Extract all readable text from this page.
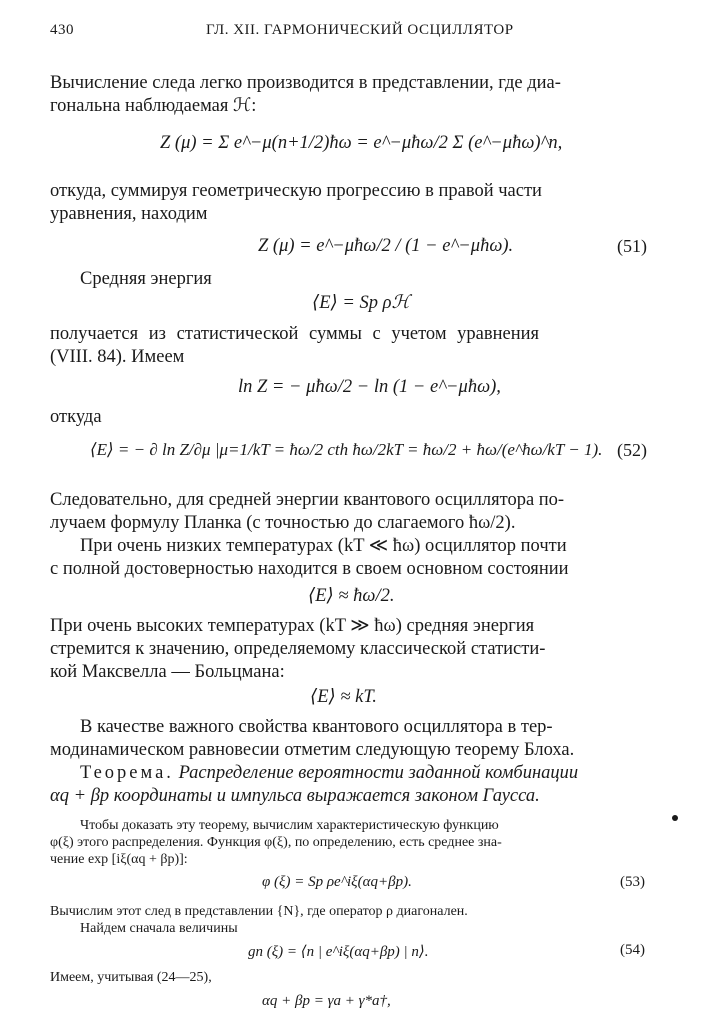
430	ГЛ. XII. ГАРМОНИЧЕСКИЙ ОСЦИЛЛЯТОР
Вычисление следа легко производится в представлении, где диа-
гональна наблюдаемая ℋ:
Z (μ) = Σ e^−μ(n+1/2)ħω = e^−μħω/2 Σ (e^−μħω)^n,
откуда, суммируя геометрическую прогрессию в правой части
уравнения, находим
Z (μ) = e^−μħω/2 / (1 − e^−μħω).	(51)
Средняя энергия
⟨E⟩ = Sp ρℋ
получается из статистической суммы с учетом уравнения
(VIII. 84). Имеем
ln Z = − μħω/2 − ln (1 − e^−μħω),
откуда
⟨E⟩ = − ∂ ln Z/∂μ |μ=1/kT = ħω/2 cth ħω/2kT = ħω/2 + ħω/(e^ħω/kT − 1). (52)
Следовательно, для средней энергии квантового осциллятора по-
лучаем формулу Планка (с точностью до слагаемого ħω/2).
При очень низких температурах (kT ≪ ħω) осциллятор почти
с полной достоверностью находится в своем основном состоянии
⟨E⟩ ≈ ħω/2.
При очень высоких температурах (kT ≫ ħω) средняя энергия
стремится к значению, определяемому классической статисти-
кой Максвелла — Больцмана:
⟨E⟩ ≈ kT.
В качестве важного свойства квантового осциллятора в тер-
модинамическом равновесии отметим следующую теорему Блоха.
Теорема. Распределение вероятности заданной комбинации
αq + βp координаты и импульса выражается законом Гаусса.
Чтобы доказать эту теорему, вычислим характеристическую функцию
φ(ξ) этого распределения. Функция φ(ξ), по определению, есть среднее зна-
чение exp [iξ(αq + βp)]:
φ (ξ) = Sp ρe^iξ(αq+βp).	(53)
Вычислим этот след в представлении {N}, где оператор ρ диагонален.
Найдем сначала величины
gn (ξ) = ⟨n | e^iξ(αq+βp) | n⟩.	(54)
Имеем, учитывая (24—25),
αq + βp = γa + γ*a†,
